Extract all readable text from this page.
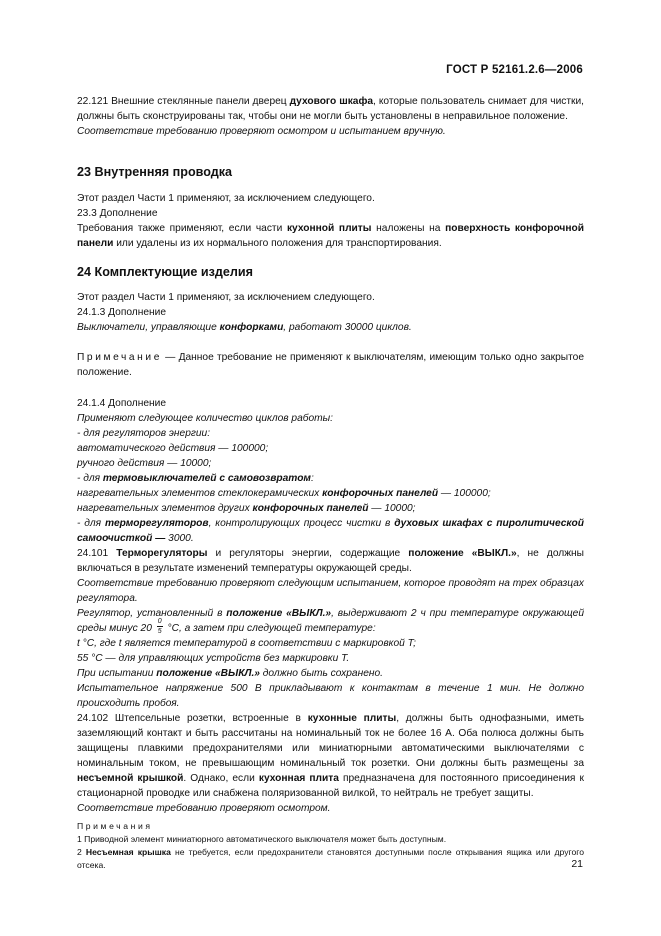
ГОСТ Р 52161.2.6—2006

22.121 Внешние стеклянные панели дверец духового шкафа, которые пользователь снимает для чистки, должны быть сконструированы так, чтобы они не могли быть установлены в неправильное положение.

Соответствие требованию проверяют осмотром и испытанием вручную.

23 Внутренняя проводка

Этот раздел Части 1 применяют, за исключением следующего.

23.3 Дополнение

Требования также применяют, если части кухонной плиты наложены на поверхность конфорочной панели или удалены из их нормального положения для транспортирования.

24 Комплектующие изделия

Этот раздел Части 1 применяют, за исключением следующего.

24.1.3 Дополнение

Выключатели, управляющие конфорками, работают 30000 циклов.

Примечание — Данное требование не применяют к выключателям, имеющим только одно закрытое положение.

24.1.4 Дополнение

Применяют следующее количество циклов работы:

- для регуляторов энергии:

автоматического действия — 100000;

ручного действия — 10000;

- для термовыключателей с самовозвратом:

нагревательных элементов стеклокерамических конфорочных панелей — 100000;

нагревательных элементов других конфорочных панелей — 10000;

- для терморегуляторов, контролирующих процесс чистки в духовых шкафах с пиролитической самоочисткой — 3000.

24.101 Терморегуляторы и регуляторы энергии, содержащие положение «ВЫКЛ.», не должны включаться в результате изменений температуры окружающей среды.

Соответствие требованию проверяют следующим испытанием, которое проводят на трех образцах регулятора.

Регулятор, установленный в положение «ВЫКЛ.», выдерживают 2 ч при температуре окружающей среды минус $20 \frac{0}{5} ^\circ С$, а затем при следующей температуре:

t °С, где t является температурой в соответствии с маркировкой T;

55 °С — для управляющих устройств без маркировки T.

При испытании положение «ВЫКЛ.» должно быть сохранено.

Испытательное напряжение 500 В прикладывают к контактам в течение 1 мин. Не должно происходить пробоя.

24.102 Штепсельные розетки, встроенные в кухонные плиты, должны быть однофазными, иметь заземляющий контакт и быть рассчитаны на номинальный ток не более 16 А. Оба полюса должны быть защищены плавкими предохранителями или миниатюрными автоматическими выключателями с номинальным током, не превышающим номинальный ток розетки. Они должны быть размещены за несъемной крышкой. Однако, если кухонная плита предназначена для постоянного присоединения к стационарной проводке или снабжена поляризованной вилкой, то нейтраль не требует защиты.

Соответствие требованию проверяют осмотром.

Примечания

1 Приводной элемент миниатюрного автоматического выключателя может быть доступным.

2 Несъемная крышка не требуется, если предохранители становятся доступными после открывания ящика или другого отсека.	21
